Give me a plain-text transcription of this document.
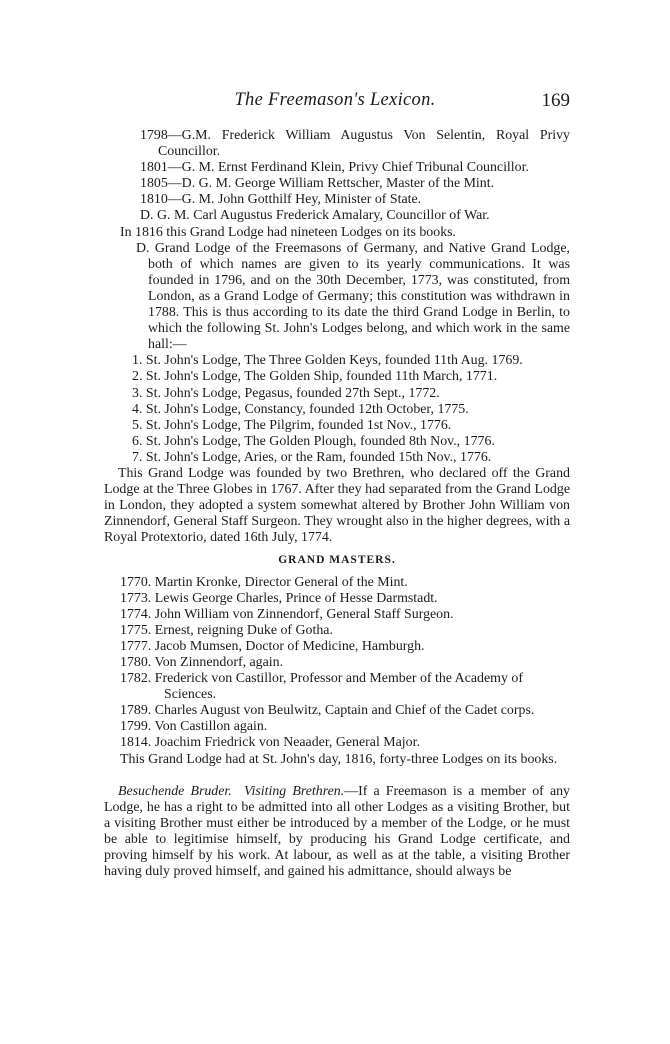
The Freemason's Lexicon.	169

1798—G.M. Frederick William Augustus Von Selentin, Royal Privy Councillor.

1801—G. M. Ernst Ferdinand Klein, Privy Chief Tribunal Councillor.

1805—D. G. M. George William Rettscher, Master of the Mint.

1810—G. M. John Gotthilf Hey, Minister of State.

D. G. M. Carl Augustus Frederick Amalary, Councillor of War.

In 1816 this Grand Lodge had nineteen Lodges on its books.

D. Grand Lodge of the Freemasons of Germany, and Native Grand Lodge, both of which names are given to its yearly communications. It was founded in 1796, and on the 30th December, 1773, was constituted, from London, as a Grand Lodge of Germany; this constitution was withdrawn in 1788. This is thus according to its date the third Grand Lodge in Berlin, to which the following St. John's Lodges belong, and which work in the same hall:—

1. St. John's Lodge, The Three Golden Keys, founded 11th Aug. 1769.

2. St. John's Lodge, The Golden Ship, founded 11th March, 1771.

3. St. John's Lodge, Pegasus, founded 27th Sept., 1772.

4. St. John's Lodge, Constancy, founded 12th October, 1775.

5. St. John's Lodge, The Pilgrim, founded 1st Nov., 1776.

6. St. John's Lodge, The Golden Plough, founded 8th Nov., 1776.

7. St. John's Lodge, Aries, or the Ram, founded 15th Nov., 1776.

This Grand Lodge was founded by two Brethren, who declared off the Grand Lodge at the Three Globes in 1767. After they had separated from the Grand Lodge in London, they adopted a system somewhat altered by Brother John William von Zinnendorf, General Staff Surgeon. They wrought also in the higher degrees, with a Royal Protextorio, dated 16th July, 1774.

GRAND MASTERS.

1770. Martin Kronke, Director General of the Mint.

1773. Lewis George Charles, Prince of Hesse Darmstadt.

1774. John William von Zinnendorf, General Staff Surgeon.

1775. Ernest, reigning Duke of Gotha.

1777. Jacob Mumsen, Doctor of Medicine, Hamburgh.

1780. Von Zinnendorf, again.

1782. Frederick von Castillor, Professor and Member of the Academy of Sciences.

1789. Charles August von Beulwitz, Captain and Chief of the Cadet corps.

1799. Von Castillon again.

1814. Joachim Friedrick von Neaader, General Major.

This Grand Lodge had at St. John's day, 1816, forty-three Lodges on its books.

Besuchende Bruder. Visiting Brethren.—If a Freemason is a member of any Lodge, he has a right to be admitted into all other Lodges as a visiting Brother, but a visiting Brother must either be introduced by a member of the Lodge, or he must be able to legitimise himself, by producing his Grand Lodge certificate, and proving himself by his work. At labour, as well as at the table, a visiting Brother having duly proved himself, and gained his admittance, should always be
